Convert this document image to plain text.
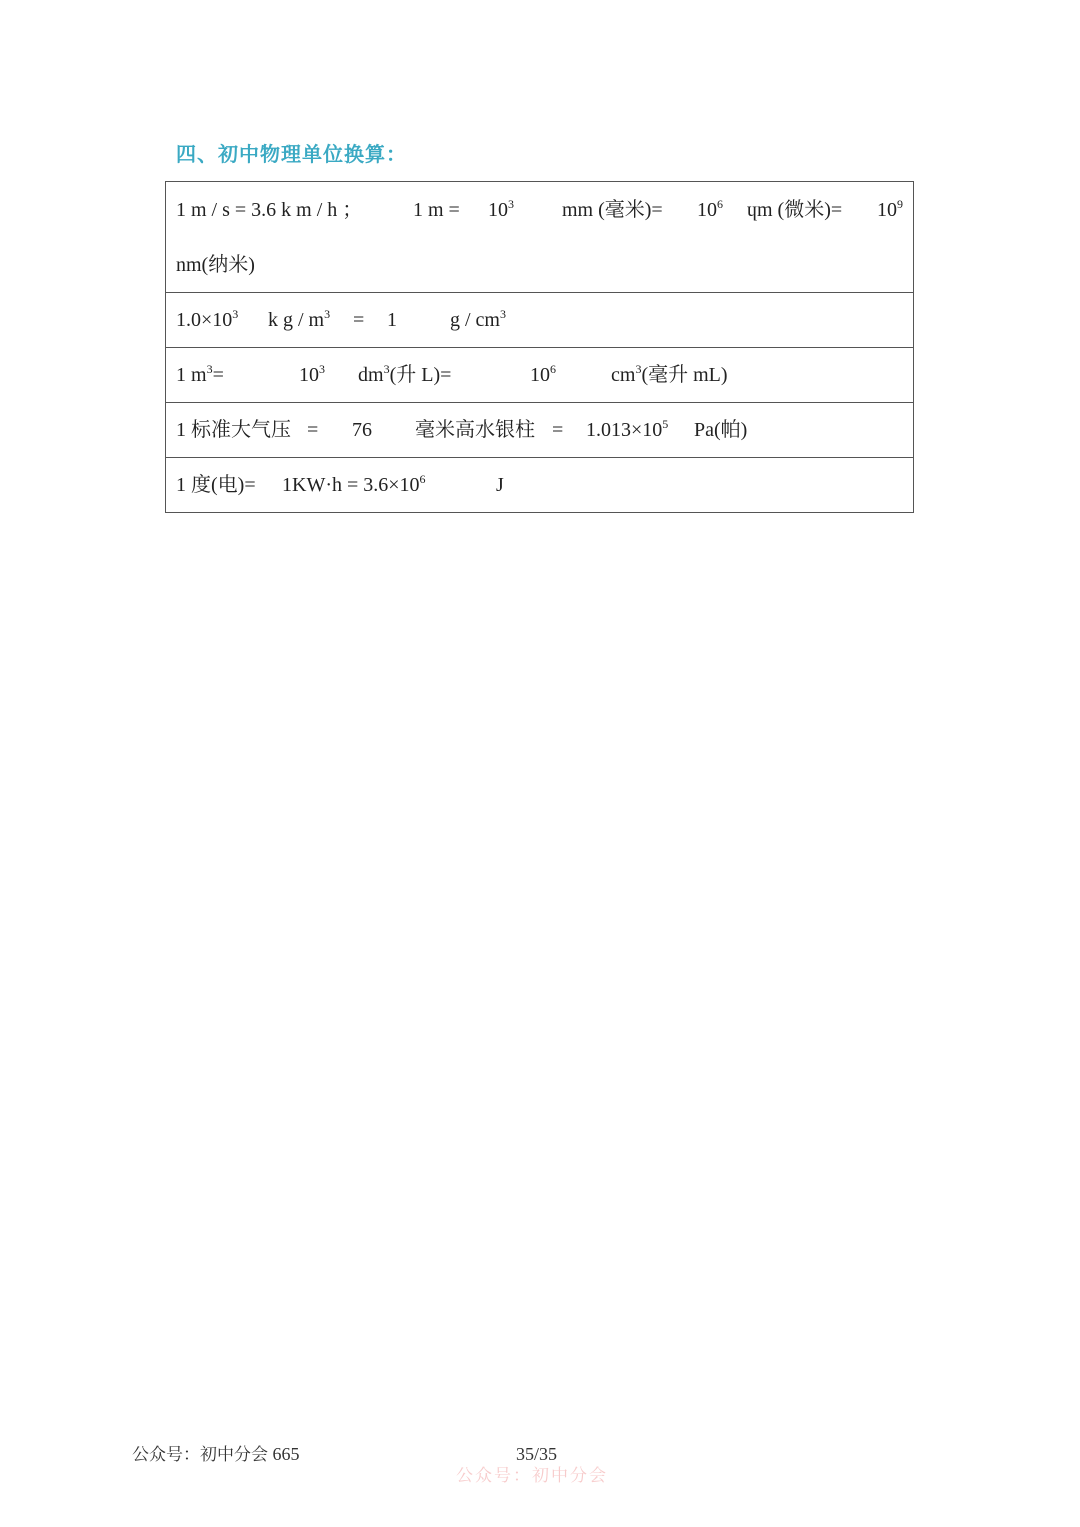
四、初中物理单位换算：
1 m / s = 3.6 k m / h ；	1 $m = 10^3$ mm (毫米)= $10^6$ ɥm (微米)= $10^9$
nm(纳米)

$1.0\times 10^3$ k $g / m^3 = 1$	g / $cm^3$

1 $m^3=$	$10^3$ $dm^3$(升 L)=	$10^6$	$cm^3$(毫升 mL)

1 标准大气压 = 76 毫米高水银柱 = $1.013\times 10^5$ Pa(帕)

1 度(电)= $1KW\cdot h = 3.6\times 10^6$	J
公众号：初中分会 665	35/35
公众号：初中分会
